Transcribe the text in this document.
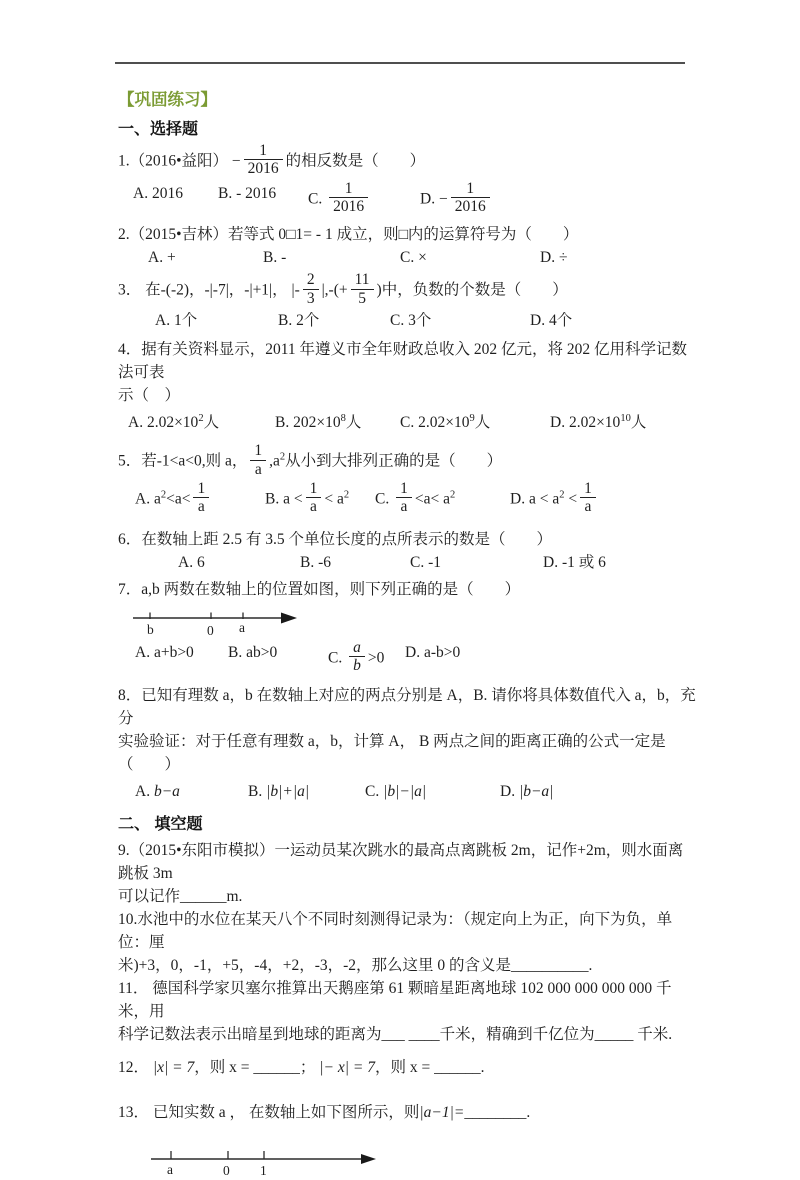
【巩固练习】

一、选择题

1.（2016•益阳） − $\frac{1}{2016}$ 的相反数是（　　）
A. 2016	B. - 2016	C. $\frac{1}{2016}$	D. − $\frac{1}{2016}$
2.（2015•吉林）若等式 0□1= - 1 成立，则□内的运算符号为（　　）
A. +	B. -	C. ×	D. ÷
3． 在-(-2)，-|-7|，-|+1|， |- $\frac{2}{3}$ |,-(+ $\frac{11}{5}$ )中，负数的个数是（　　）
A. 1个	B. 2个	C. 3个	D. 4个
4．据有关资料显示，2011 年遵义市全年财政总收入 202 亿元，将 202 亿用科学记数法可表
示（　）
A. $2.02\times 10^2$人	B. $202\times 10^8$人	C. $2.02\times 10^9$人	D. $2.02\times 10^{10}$人
5．若-1<a<0,则 a， $\frac{1}{a} ,a^2$从小到大排列正确的是（　　）
A. $a^2<a< \frac{1}{a}$	B. $a < \frac{1}{a} < a^2$	C. $\frac{1}{a} <a< a^2$	D. $a < a^2 < \frac{1}{a}$
6．在数轴上距 2.5 有 3.5 个单位长度的点所表示的数是（　　）
A. 6	B. -6	C. -1	D. -1 或 6
7．a,b 两数在数轴上的位置如图，则下列正确的是（　　）
b	0 a
A. a+b>0	B. ab>0	C. $\frac{a}{b} >0$	D. a-b>0
8．已知有理数 a，b 在数轴上对应的两点分别是 A，B. 请你将具体数值代入 a，b，充分
实验验证：对于任意有理数 a，b，计算 A， B 两点之间的距离正确的公式一定是（　　）
A. b−a	B. |b|+|a|	C. |b|−|a|	D. |b−a|

二、 填空题

9.（2015•东阳市模拟）一运动员某次跳水的最高点离跳板 2m，记作+2m，则水面离跳板 3m
可以记作______m.
10.水池中的水位在某天八个不同时刻测得记录为：（规定向上为正，向下为负，单位：厘
米)+3，0，-1，+5，-4，+2，-3，-2，那么这里 0 的含义是__________.
11． 德国科学家贝塞尔推算出天鹅座第 61 颗暗星距离地球 102 000 000 000 000 千米，用
科学记数法表示出暗星到地球的距离为___ ____千米，精确到千亿位为_____ 千米.
12． |x| = 7，则 x = ______； |− x| = 7，则 x = ______.
13． 已知实数 a ， 在数轴上如下图所示，则|a−1|=________.
a	0 1
